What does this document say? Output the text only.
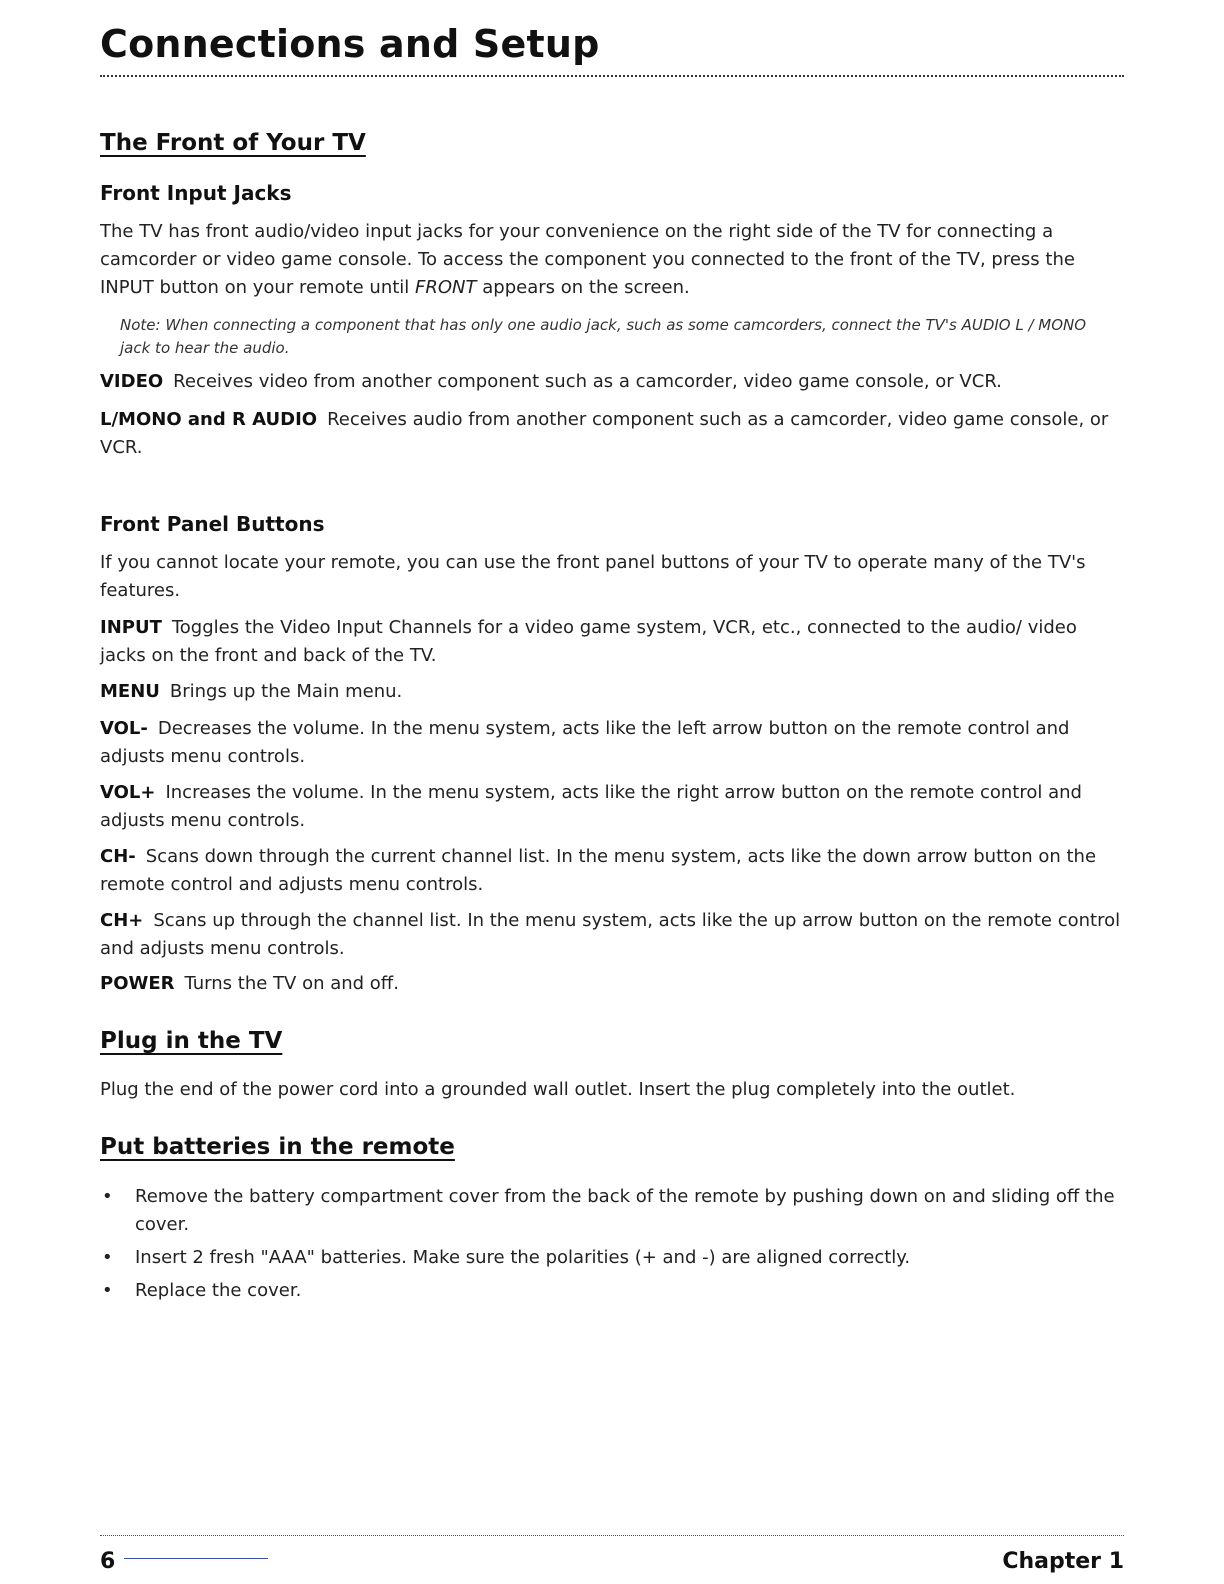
Connections and Setup
The Front of Your TV
Front Input Jacks

The TV has front audio/video input jacks for your convenience on the right side of the TV for connecting a camcorder or video game console. To access the component you connected to the front of the TV, press the INPUT button on your remote until FRONT appears on the screen.

Note: When connecting a component that has only one audio jack, such as some camcorders, connect the TV's AUDIO L / MONO jack to hear the audio.

VIDEO Receives video from another component such as a camcorder, video game console, or VCR.

L/MONO and R AUDIO Receives audio from another component such as a camcorder, video game console, or VCR.

Front Panel Buttons

If you cannot locate your remote, you can use the front panel buttons of your TV to operate many of the TV's features.

INPUT Toggles the Video Input Channels for a video game system, VCR, etc., connected to the audio/ video jacks on the front and back of the TV.

MENU Brings up the Main menu.

VOL- Decreases the volume. In the menu system, acts like the left arrow button on the remote control and adjusts menu controls.

VOL+ Increases the volume. In the menu system, acts like the right arrow button on the remote control and adjusts menu controls.

CH- Scans down through the current channel list. In the menu system, acts like the down arrow button on the remote control and adjusts menu controls.

CH+ Scans up through the channel list. In the menu system, acts like the up arrow button on the remote control and adjusts menu controls.

POWER Turns the TV on and off.

Plug in the TV

Plug the end of the power cord into a grounded wall outlet. Insert the plug completely into the outlet.

Put batteries in the remote
• Remove the battery compartment cover from the back of the remote by pushing down on and sliding off the cover.
• Insert 2 fresh "AAA" batteries. Make sure the polarities (+ and -) are aligned correctly.
• Replace the cover.
6	Chapter 1
